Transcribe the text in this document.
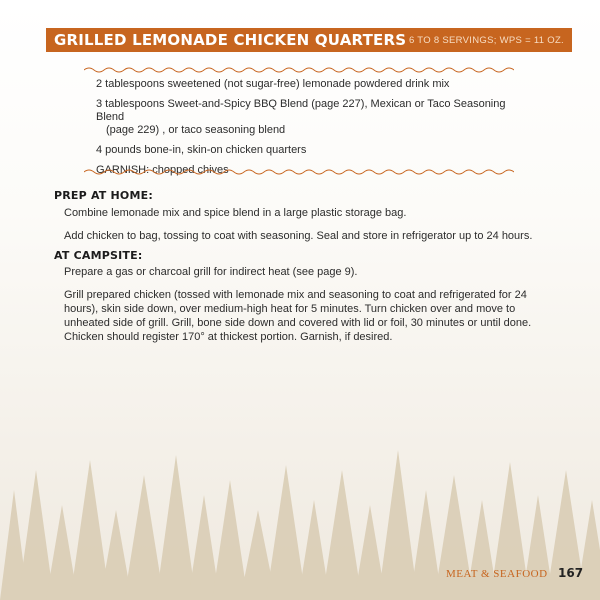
GRILLED LEMONADE CHICKEN QUARTERS 6 TO 8 SERVINGS; WPS = 11 OZ.
2 tablespoons sweetened (not sugar-free) lemonade powdered drink mix
3 tablespoons Sweet-and-Spicy BBQ Blend (page 227), Mexican or Taco Seasoning Blend
(page 229) , or taco seasoning blend
4 pounds bone-in, skin-on chicken quarters
GARNISH: chopped chives
PREP AT HOME:
Combine lemonade mix and spice blend in a large plastic storage bag.
Add chicken to bag, tossing to coat with seasoning. Seal and store in refrigerator up to 24 hours.
AT CAMPSITE:
Prepare a gas or charcoal grill for indirect heat (see page 9).
Grill prepared chicken (tossed with lemonade mix and seasoning to coat and refrigerated for 24 hours), skin side down, over medium-high heat for 5 minutes. Turn chicken over and move to unheated side of grill. Grill, bone side down and covered with lid or foil, 30 minutes or until done. Chicken should register 170° at thickest portion. Garnish, if desired.
MEAT & SEAFOOD 167
